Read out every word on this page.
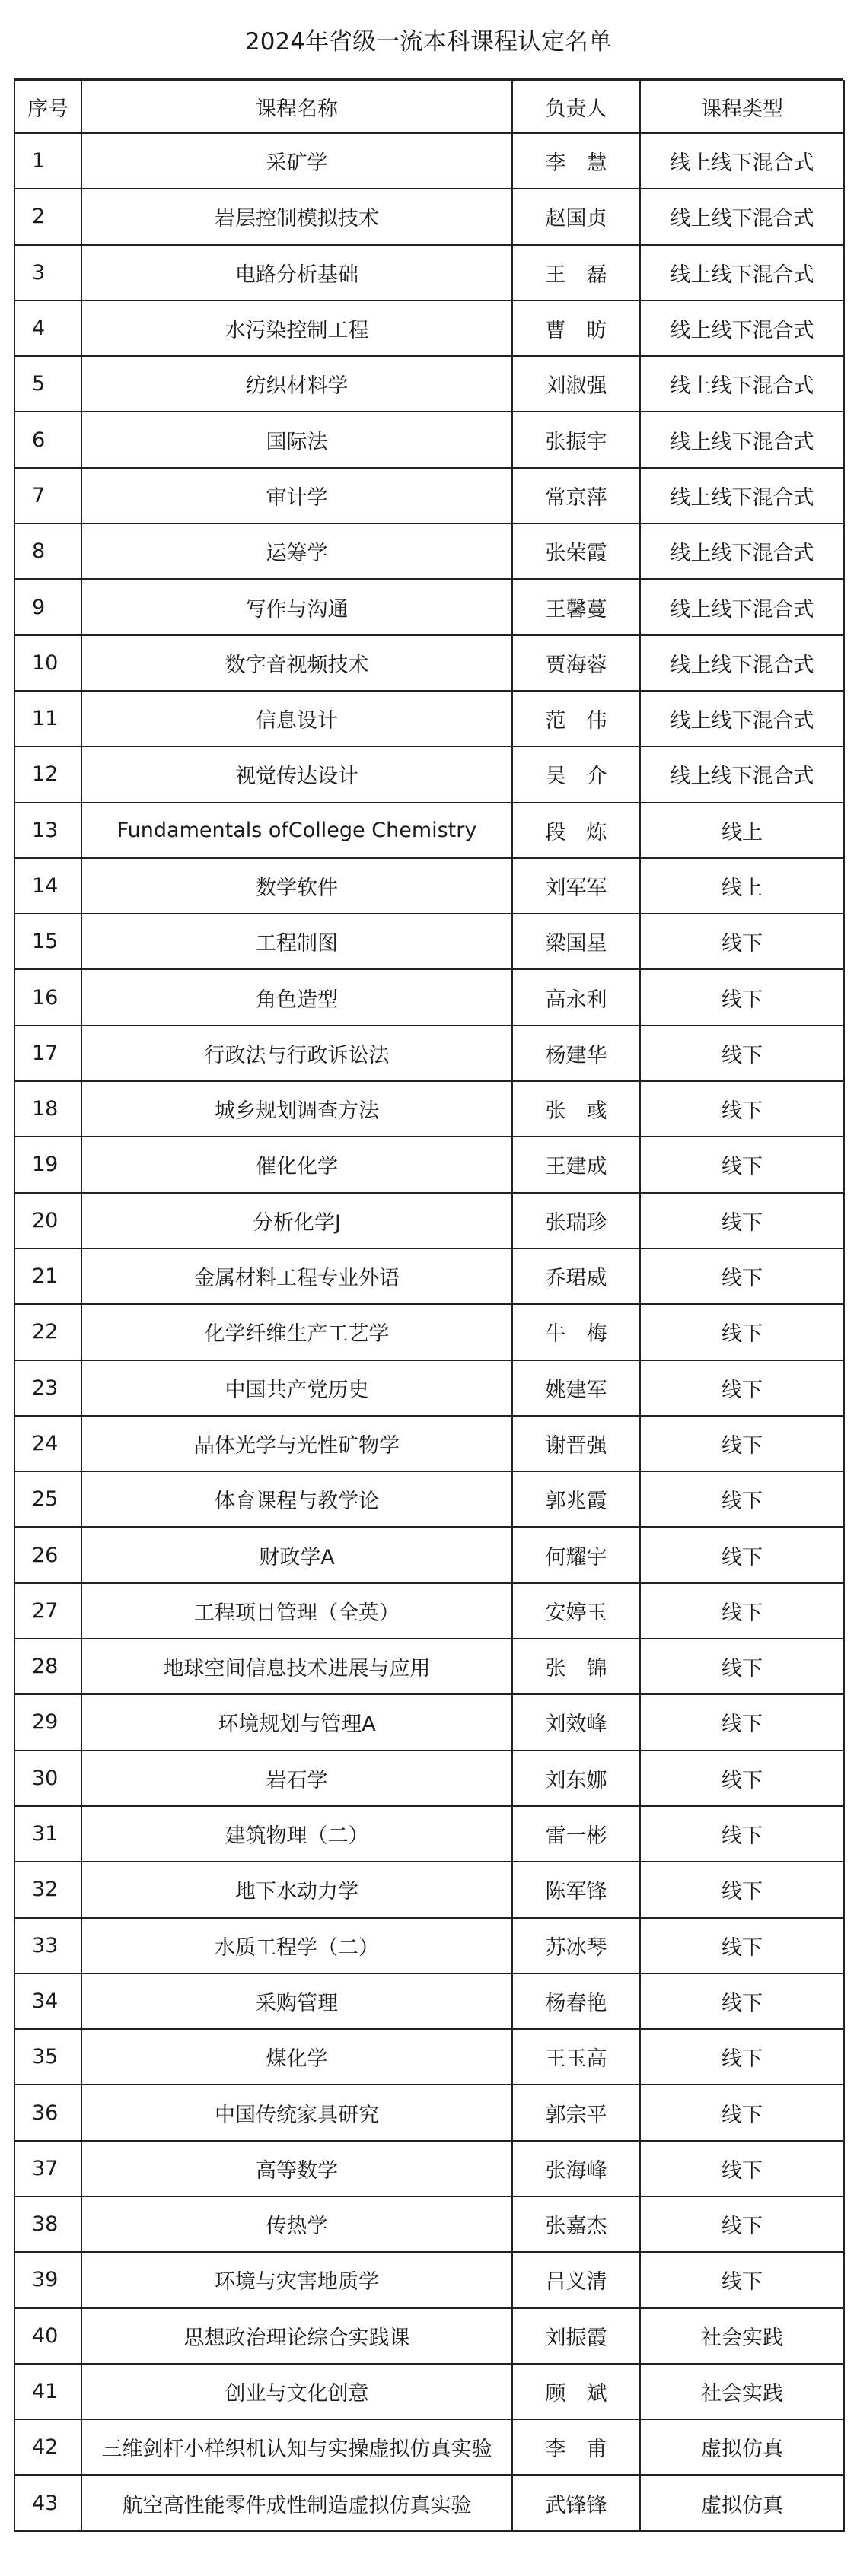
2024年省级一流本科课程认定名单
序号	课程名称	负责人	课程类型
1	采矿学	李　慧	线上线下混合式
2	岩层控制模拟技术	赵国贞	线上线下混合式
3	电路分析基础	王　磊	线上线下混合式
4	水污染控制工程	曹　昉	线上线下混合式
5	纺织材料学	刘淑强	线上线下混合式
6	国际法	张振宇	线上线下混合式
7	审计学	常京萍	线上线下混合式
8	运筹学	张荣霞	线上线下混合式
9	写作与沟通	王馨蔓	线上线下混合式
10	数字音视频技术	贾海蓉	线上线下混合式
11	信息设计	范　伟	线上线下混合式
12	视觉传达设计	吴　介	线上线下混合式
13	Fundamentals ofCollege Chemistry	段　炼	线上
14	数学软件	刘军军	线上
15	工程制图	梁国星	线下
16	角色造型	高永利	线下
17	行政法与行政诉讼法	杨建华	线下
18	城乡规划调查方法	张　彧	线下
19	催化化学	王建成	线下
20	分析化学J	张瑞珍	线下
21	金属材料工程专业外语	乔珺威	线下
22	化学纤维生产工艺学	牛　梅	线下
23	中国共产党历史	姚建军	线下
24	晶体光学与光性矿物学	谢晋强	线下
25	体育课程与教学论	郭兆霞	线下
26	财政学A	何耀宇	线下
27	工程项目管理（全英）	安婷玉	线下
28	地球空间信息技术进展与应用	张　锦	线下
29	环境规划与管理A	刘效峰	线下
30	岩石学	刘东娜	线下
31	建筑物理（二）	雷一彬	线下
32	地下水动力学	陈军锋	线下
33	水质工程学（二）	苏冰琴	线下
34	采购管理	杨春艳	线下
35	煤化学	王玉高	线下
36	中国传统家具研究	郭宗平	线下
37	高等数学	张海峰	线下
38	传热学	张嘉杰	线下
39	环境与灾害地质学	吕义清	线下
40	思想政治理论综合实践课	刘振霞	社会实践
41	创业与文化创意	顾　斌	社会实践
42	三维剑杆小样织机认知与实操虚拟仿真实验	李　甫	虚拟仿真
43	航空高性能零件成性制造虚拟仿真实验	武锋锋	虚拟仿真
